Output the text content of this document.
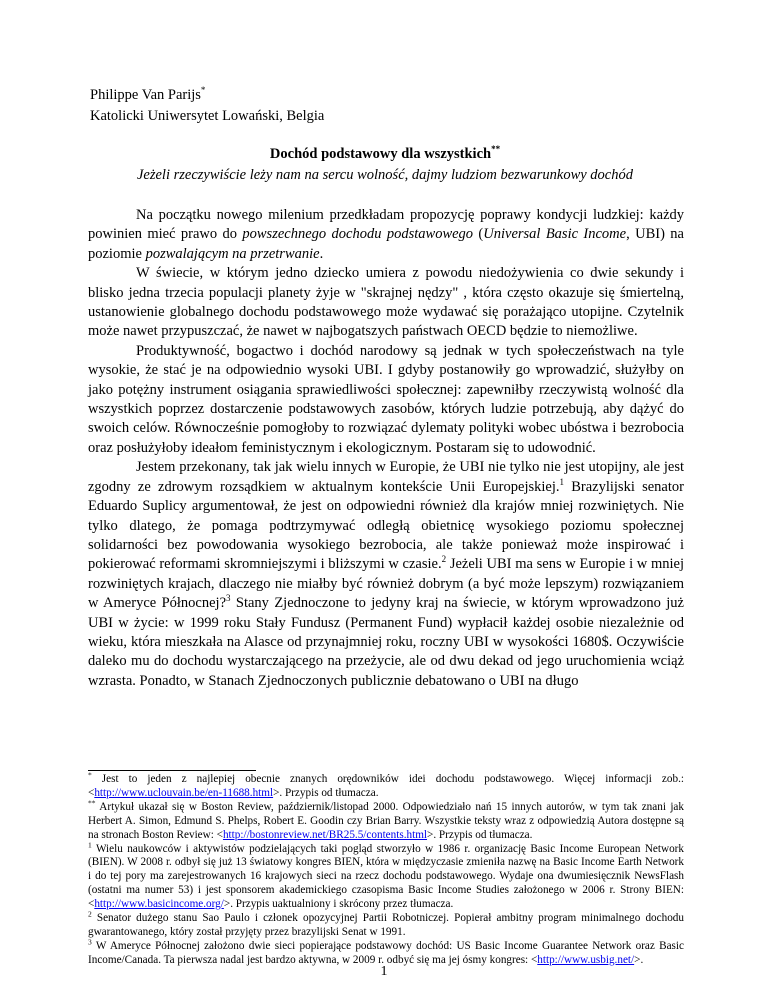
Philippe Van Parijs*
Katolicki Uniwersytet Lowański, Belgia
Dochód podstawowy dla wszystkich**
Jeżeli rzeczywiście leży nam na sercu wolność, dajmy ludziom bezwarunkowy dochód

Na początku nowego milenium przedkładam propozycję poprawy kondycji ludzkiej: każdy powinien mieć prawo do powszechnego dochodu podstawowego (Universal Basic Income, UBI) na poziomie pozwalającym na przetrwanie.

W świecie, w którym jedno dziecko umiera z powodu niedożywienia co dwie sekundy i blisko jedna trzecia populacji planety żyje w "skrajnej nędzy" , która często okazuje się śmiertelną, ustanowienie globalnego dochodu podstawowego może wydawać się porażająco utopijne. Czytelnik może nawet przypuszczać, że nawet w najbogatszych państwach OECD będzie to niemożliwe.

Produktywność, bogactwo i dochód narodowy są jednak w tych społeczeństwach na tyle wysokie, że stać je na odpowiednio wysoki UBI. I gdyby postanowiły go wprowadzić, służyłby on jako potężny instrument osiągania sprawiedliwości społecznej: zapewniłby rzeczywistą wolność dla wszystkich poprzez dostarczenie podstawowych zasobów, których ludzie potrzebują, aby dążyć do swoich celów. Równocześnie pomogłoby to rozwiązać dylematy polityki wobec ubóstwa i bezrobocia oraz posłużyłoby ideałom feministycznym i ekologicznym. Postaram się to udowodnić.

Jestem przekonany, tak jak wielu innych w Europie, że UBI nie tylko nie jest utopijny, ale jest zgodny ze zdrowym rozsądkiem w aktualnym kontekście Unii Europejskiej.$^1$ Brazylijski senator Eduardo Suplicy argumentował, że jest on odpowiedni również dla krajów mniej rozwiniętych. Nie tylko dlatego, że pomaga podtrzymywać odległą obietnicę wysokiego poziomu społecznej solidarności bez powodowania wysokiego bezrobocia, ale także ponieważ może inspirować i pokierować reformami skromniejszymi i bliższymi w czasie.$^2$ Jeżeli UBI ma sens w Europie i w mniej rozwiniętych krajach, dlaczego nie miałby być również dobrym (a być może lepszym) rozwiązaniem w Ameryce Północnej?$^3$ Stany Zjednoczone to jedyny kraj na świecie, w którym wprowadzono już UBI w życie: w 1999 roku Stały Fundusz (Permanent Fund) wypłacił każdej osobie niezależnie od wieku, która mieszkała na Alasce od przynajmniej roku, roczny UBI w wysokości 1680$. Oczywiście daleko mu do dochodu wystarczającego na przeżycie, ale od dwu dekad od jego uruchomienia wciąż wzrasta. Ponadto, w Stanach Zjednoczonych publicznie debatowano o UBI na długo

* Jest to jeden z najlepiej obecnie znanych orędowników idei dochodu podstawowego. Więcej informacji zob.: <http://www.uclouvain.be/en-11688.html>. Przypis od tłumacza.

** Artykuł ukazał się w Boston Review, październik/listopad 2000. Odpowiedziało nań 15 innych autorów, w tym tak znani jak Herbert A. Simon, Edmund S. Phelps, Robert E. Goodin czy Brian Barry. Wszystkie teksty wraz z odpowiedzią Autora dostępne są na stronach Boston Review: <http://bostonreview.net/BR25.5/contents.html>. Przypis od tłumacza.

$^1$ Wielu naukowców i aktywistów podzielających taki pogląd stworzyło w 1986 r. organizację Basic Income European Network (BIEN). W 2008 r. odbył się już 13 światowy kongres BIEN, która w międzyczasie zmieniła nazwę na Basic Income Earth Network i do tej pory ma zarejestrowanych 16 krajowych sieci na rzecz dochodu podstawowego. Wydaje ona dwumiesięcznik NewsFlash (ostatni ma numer 53) i jest sponsorem akademickiego czasopisma Basic Income Studies założonego w 2006 r. Strony BIEN: <http://www.basicincome.org/>. Przypis uaktualniony i skrócony przez tłumacza.

$^2$ Senator dużego stanu Sao Paulo i członek opozycyjnej Partii Robotniczej. Popierał ambitny program minimalnego dochodu gwarantowanego, który został przyjęty przez brazylijski Senat w 1991.

$^3$ W Ameryce Północnej założono dwie sieci popierające podstawowy dochód: US Basic Income Guarantee Network oraz Basic Income/Canada. Ta pierwsza nadal jest bardzo aktywna, w 2009 r. odbyć się ma jej ósmy kongres: <http://www.usbig.net/>.

1
